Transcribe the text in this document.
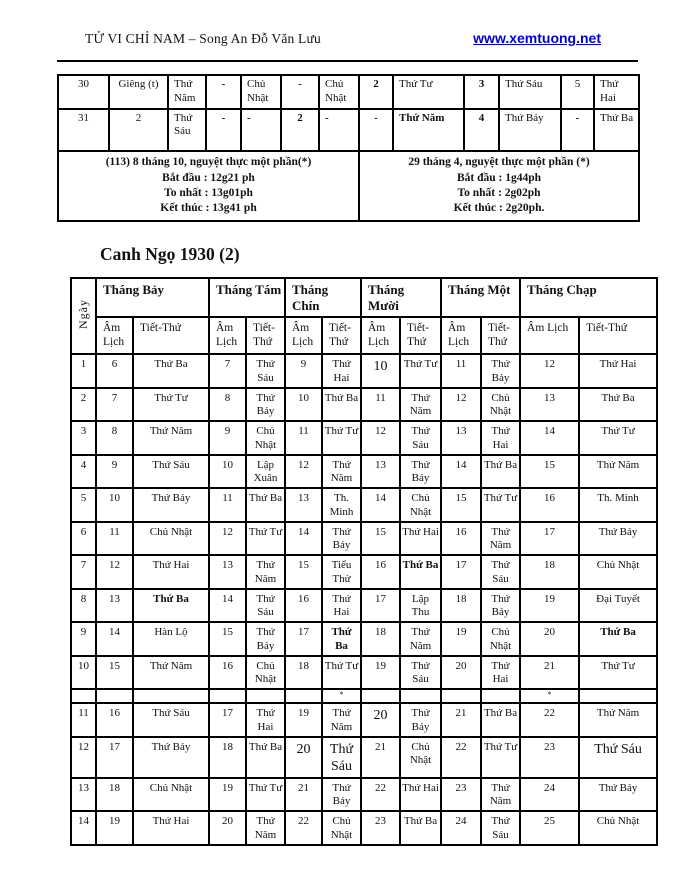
TỬ VI CHỈ NAM – Song An Đỗ Văn Lưu	www.xemtuong.net
30	Giêng (t)	Thứ Năm	-	Chủ Nhật	-	Chủ Nhật	2	Thứ Tư	3	Thứ Sáu	5	Thứ Hai
31	2	Thứ Sáu	-	-	2	-	-	Thứ Năm	4	Thứ Bảy	-	Thứ Ba

(113) 8 tháng 10, nguyệt thực một phần(*)
Bắt đầu : 12g21 ph
To nhất : 13g01ph
Kết thúc : 13g41 ph

29 tháng 4, nguyệt thực một phần (*)
Bắt đầu : 1g44ph
To nhất : 2g02ph
Kết thúc : 2g20ph.
Canh Ngọ 1930 (2)
Ngày	Tháng Bảy		Tháng Tám		Tháng Chín		Tháng Mười		Tháng Một		Tháng Chạp	
	Âm Lịch	Tiết-Thứ	Âm Lịch	Tiết-Thứ	Âm Lịch	Tiết-Thứ	Âm Lịch	Tiết-Thứ	Âm Lịch	Tiết-Thứ	Âm Lịch	Tiết-Thứ
1	6	Thứ Ba	7	Thứ Sáu	9	Thứ Hai	10	Thứ Tư	11	Thứ Bảy	12	Thứ Hai
2	7	Thứ Tư	8	Thứ Bảy	10	Thứ Ba	11	Thứ Năm	12	Chủ Nhật	13	Thứ Ba
3	8	Thứ Năm	9	Chủ Nhật	11	Thứ Tư	12	Thứ Sáu	13	Thứ Hai	14	Thứ Tư
4	9	Thứ Sáu	10	Lập Xuân	12	Thứ Năm	13	Thứ Bảy	14	Thứ Ba	15	Thứ Năm
5	10	Thứ Bảy	11	Thứ Ba	13	Th. Minh	14	Chủ Nhật	15	Thứ Tư	16	Th. Minh
6	11	Chủ Nhật	12	Thứ Tư	14	Thứ Bảy	15	Thứ Hai	16	Thứ Năm	17	Thứ Bảy
7	12	Thứ Hai	13	Thứ Năm	15	Tiểu Thử	16	Thứ Ba	17	Thứ Sáu	18	Chủ Nhật
8	13	Thứ Ba	14	Thứ Sáu	16	Thứ Hai	17	Lập Thu	18	Thứ Bảy	19	Đại Tuyết
9	14	Hàn Lộ	15	Thứ Bảy	17	Thứ Ba	18	Thứ Năm	19	Chủ Nhật	20	Thứ Ba
10	15	Thứ Năm	16	Chủ Nhật	18	Thứ Tư	19	Thứ Sáu	20	Thứ Hai	21	Thứ Tư
						*					*	
11	16	Thứ Sáu	17	Thứ Hai	19	Thứ Năm	20	Thứ Bảy	21	Thứ Ba	22	Thứ Năm
12	17	Thứ Bảy	18	Thứ Ba	20	Thứ Sáu	21	Chủ Nhật	22	Thứ Tư	23	Thứ Sáu
13	18	Chủ Nhật	19	Thứ Tư	21	Thứ Bảy	22	Thứ Hai	23	Thứ Năm	24	Thứ Bảy
14	19	Thứ Hai	20	Thứ Năm	22	Chủ Nhật	23	Thứ Ba	24	Thứ Sáu	25	Chủ Nhật
